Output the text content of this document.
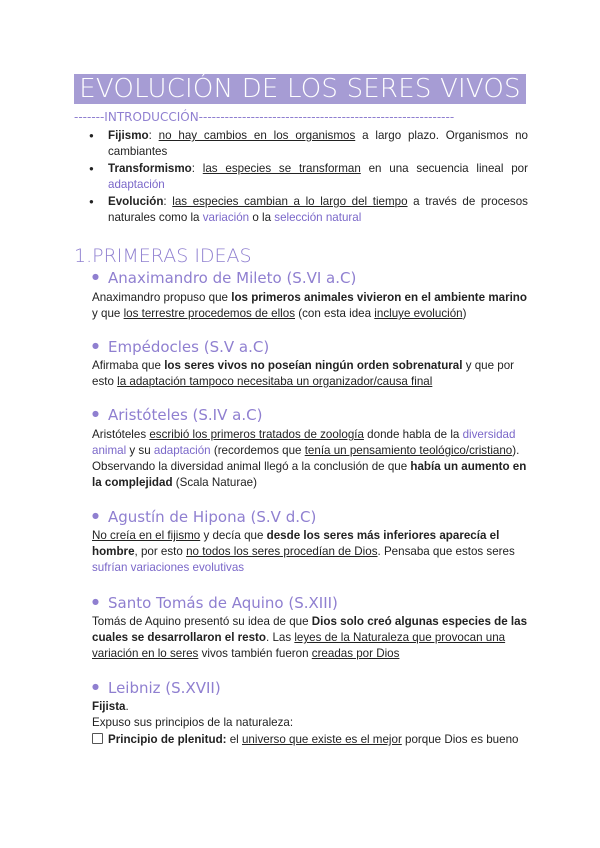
EVOLUCIÓN DE LOS SERES VIVOS
-------INTRODUCCIÓN-----------------------------------------------------------
● Fijismo: no hay cambios en los organismos a largo plazo. Organismos no cambiantes
● Transformismo: las especies se transforman en una secuencia lineal por adaptación
● Evolución: las especies cambian a lo largo del tiempo a través de procesos naturales como la variación o la selección natural
1.PRIMERAS IDEAS
● Anaximandro de Mileto (S.VI a.C)
Anaximandro propuso que los primeros animales vivieron en el ambiente marino y que los terrestre procedemos de ellos (con esta idea incluye evolución)
● Empédocles (S.V a.C)
Afirmaba que los seres vivos no poseían ningún orden sobrenatural y que por esto la adaptación tampoco necesitaba un organizador/causa final
● Aristóteles (S.IV a.C)
Aristóteles escribió los primeros tratados de zoología donde habla de la diversidad animal y su adaptación (recordemos que tenía un pensamiento teológico/cristiano). Observando la diversidad animal llegó a la conclusión de que había un aumento en la complejidad (Scala Naturae)
● Agustín de Hipona (S.V d.C)
No creía en el fijismo y decía que desde los seres más inferiores aparecía el hombre, por esto no todos los seres procedían de Dios. Pensaba que estos seres sufrían variaciones evolutivas
● Santo Tomás de Aquino (S.XIII)
Tomás de Aquino presentó su idea de que Dios solo creó algunas especies de las cuales se desarrollaron el resto. Las leyes de la Naturaleza que provocan una variación en lo seres vivos también fueron creadas por Dios
● Leibniz (S.XVII)
Fijista.
Expuso sus principios de la naturaleza:
Principio de plenitud: el universo que existe es el mejor porque Dios es bueno
